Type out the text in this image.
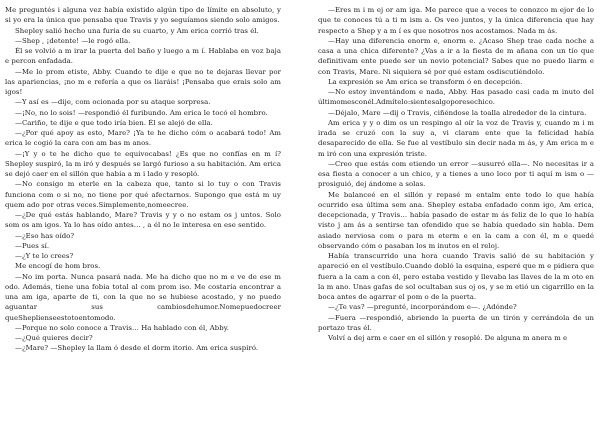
Me preguntés i alguna vez había existido algún tipo de límite en absoluto, y si yo era la única que pensaba que Travis y yo seguíamos siendo solo amigos.

Shepley salió hecho una furia de su cuarto, y Am erica corrió tras él.

—Shep , ¡detente! —le rogó ella.

Él se volvió a m irar la puerta del baño y luego a m í. Hablaba en voz baja e percon enfadada.

—Me lo prom etiste, Abby. Cuando te dije e que no te dejaras llevar por las apariencias, ¡no m e refería a que os liaráis! ¡Pensaba que erais solo am igos!

—Y así es —dije, com ocionada por su ataque sorpresa.

—¡No, no lo sois! —respondió él furibundo. Am erica le tocó el hombro.

—Cariño, te dije e que todo iría bien. Él se alejó de ella.

—¿Por qué apoy as esto, Mare? ¡Ya te he dicho cóm o acabará todo! Am erica le cogió la cara con am bas m anos.

—¡Y y o te he dicho que te equivocabas! ¿Es que no confías en m í? Shepley suspiró, la m iró y después se largó furioso a su habitación. Am erica se dejó caer en el sillón que había a m i lado y resopló.

—No consigo m eterle en la cabeza que, tanto si lo tuy o con Travis funciona com o si no, no tiene por qué afectarnos. Supongo que está m uy quem ado por otras veces.Simplemente,nomeecree.

—¿De qué estás hablando, Mare? Travis y y o no estam os j untos. Solo som os am igos. Ya lo has oído antes… , a él no le interesa en ese sentido.

—¿Eso has oído?

—Pues sí.

—¿Y te lo crees?

Me encogí de hom bros.

—No im porta. Nunca pasará nada. Me ha dicho que no m e ve de ese m odo. Además, tiene una fobia total al com prom iso. Me costaría encontrar a una am iga, aparte de ti, con la que no se hubiese acostado, y no puedo aguantar sus cambiosdehumor.Nomepuedocreer queSheplienseestotoentomodo.

—Porque no solo conoce a Travis… Ha hablado con él, Abby.

—¿Qué quieres decir?

—¿Mare? —Shepley la llam ó desde el dorm itorio. Am erica suspiró.

—Eres m i m ej or am iga. Me parece que a veces te conozco m ejor de lo que te conoces tú a ti m ism a. Os veo juntos, y la única diferencia que hay respecto a Shep y a m í es que nosotros nos acostamos. Nada m ás.

—Hay una diferencia enorm e, enorm e. ¿Acaso Shep trae cada noche a casa a una chica diferente? ¿Vas a ir a la fiesta de m añana con un tío que definitivam ente puede ser un novio potencial? Sabes que no puedo liarm e con Travis, Mare. Ni siquiera sé por qué estam osdiscutiéndolo.

La expresión se Am erica se transform ó en decepción.

—No estoy inventándom e nada, Abby. Has pasado casi cada m inuto del últimomesconél.Admítelo:sientesalgoporesechico.

—Déjalo, Mare —dij o Travis, ciñéndose la toalla alrededor de la cintura.

Am erica y y o dim os un respingo al oír la voz de Travis y, cuando m i m irada se cruzó con la suy a, vi claram ente que la felicidad había desaparecido de ella. Se fue al vestíbulo sin decir nada m ás, y Am erica m e m iró con una expresión triste.

—Creo que estás com etiendo un error —susurró ella—. No necesitas ir a esa fiesta a conocer a un chico, y a tienes a uno loco por ti aquí m ism o —prosiguió, dej ándome a solas.

Me balanceé en el sillón y repasé m entalm ente todo lo que había ocurrido esa última sem ana. Shepley estaba enfadado conm igo, Am erica, decepcionada, y Travis… había pasado de estar m ás feliz de lo que lo había visto j am ás a sentirse tan ofendido que se había quedado sin habla. Dem asiado nerviosa com o para m eterm e en la cam a con él, m e quedé observando cóm o pasaban los m inutos en el reloj.

Había transcurrido una hora cuando Travis salió de su habitación y apareció en el vestíbulo.Cuando dobló la esquina, esperé que m e pidiera que fuera a la cam a con él, pero estaba vestido y llevaba las llaves de la m oto en la m ano. Unas gafas de sol ocultaban sus oj os, y se m etió un cigarrillo en la boca antes de agarrar el pom o de la puerta.

—¿Te vas? —pregunté, incorporándom e—. ¿Adónde?

—Fuera —respondió, abriendo la puerta de un tirón y cerrándola de un portazo tras él.

Volví a dej arm e caer en el sillón y resoplé. De alguna m anera m e
